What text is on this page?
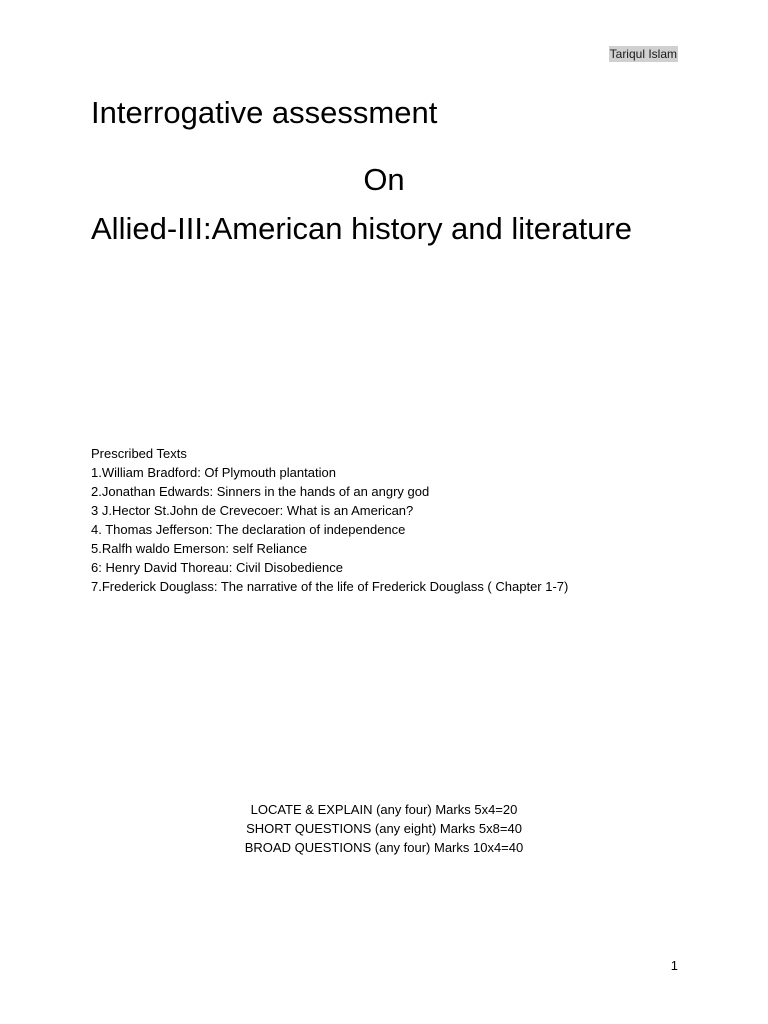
Tariqul Islam
Interrogative assessment
On
Allied-III:American history and literature
Prescribed Texts
1.William Bradford: Of Plymouth plantation
2.Jonathan Edwards: Sinners in the hands of an angry god
3 J.Hector St.John de Crevecoer: What is an American?
4. Thomas Jefferson: The declaration of independence
5.Ralfh waldo Emerson: self Reliance
6: Henry David Thoreau: Civil Disobedience
7.Frederick Douglass: The narrative of the life of Frederick Douglass ( Chapter 1-7)
LOCATE & EXPLAIN (any four) Marks 5x4=20
SHORT QUESTIONS (any eight) Marks 5x8=40
BROAD QUESTIONS (any four) Marks 10x4=40
1
